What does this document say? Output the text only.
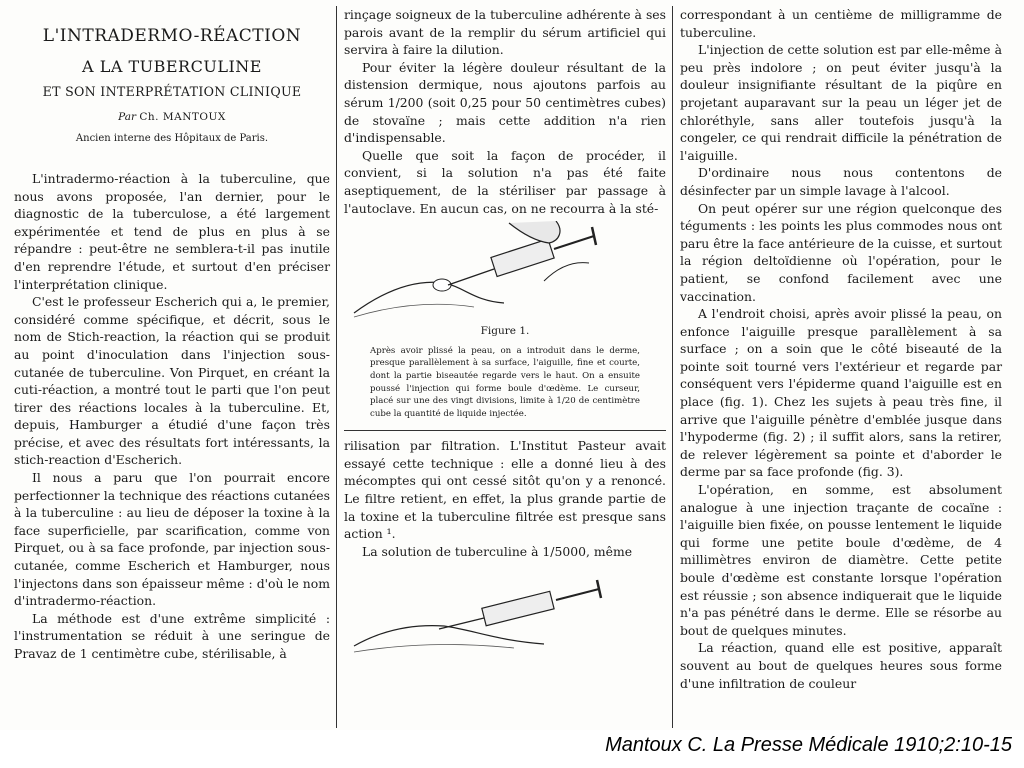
L'INTRADERMO-RÉACTION
A LA TUBERCULINE
ET SON INTERPRÉTATION CLINIQUE
Par Ch. MANTOUX
Ancien interne des Hôpitaux de Paris.

L'intradermo-réaction à la tuberculine, que nous avons proposée, l'an dernier, pour le diagnostic de la tuberculose, a été largement expérimentée et tend de plus en plus à se répandre : peut-être ne semblera-t-il pas inutile d'en reprendre l'étude, et surtout d'en préciser l'interprétation clinique.

C'est le professeur Escherich qui a, le premier, considéré comme spécifique, et décrit, sous le nom de Stich-reaction, la réaction qui se produit au point d'inoculation dans l'injection sous-cutanée de tuberculine. Von Pirquet, en créant la cuti-réaction, a montré tout le parti que l'on peut tirer des réactions locales à la tuberculine. Et, depuis, Hamburger a étudié d'une façon très précise, et avec des résultats fort intéressants, la stich-reaction d'Escherich.

Il nous a paru que l'on pourrait encore perfectionner la technique des réactions cutanées à la tuberculine : au lieu de déposer la toxine à la face superficielle, par scarification, comme von Pirquet, ou à sa face profonde, par injection sous-cutanée, comme Escherich et Hamburger, nous l'injectons dans son épaisseur même : d'où le nom d'intradermo-réaction.

La méthode est d'une extrême simplicité : l'instrumentation se réduit à une seringue de Pravaz de 1 centimètre cube, stérilisable, à

rinçage soigneux de la tuberculine adhérente à ses parois avant de la remplir du sérum artificiel qui servira à faire la dilution.

Pour éviter la légère douleur résultant de la distension dermique, nous ajoutons parfois au sérum 1/200 (soit 0,25 pour 50 centimètres cubes) de stovaïne ; mais cette addition n'a rien d'indispensable.

Quelle que soit la façon de procéder, il convient, si la solution n'a pas été faite aseptiquement, de la stériliser par passage à l'autoclave. En aucun cas, on ne recourra à la sté-

Figure 1.
Après avoir plissé la peau, on a introduit dans le derme, presque parallèlement à sa surface, l'aiguille, fine et courte, dont la partie biseautée regarde vers le haut. On a ensuite poussé l'injection qui forme boule d'œdème. Le curseur, placé sur une des vingt divisions, limite à 1/20 de centimètre cube la quantité de liquide injectée.

rilisation par filtration. L'Institut Pasteur avait essayé cette technique : elle a donné lieu à des mécomptes qui ont cessé sitôt qu'on y a renoncé. Le filtre retient, en effet, la plus grande partie de la toxine et la tuberculine filtrée est presque sans action ¹.

La solution de tuberculine à 1/5000, même

correspondant à un centième de milligramme de tuberculine.

L'injection de cette solution est par elle-même à peu près indolore ; on peut éviter jusqu'à la douleur insignifiante résultant de la piqûre en projetant auparavant sur la peau un léger jet de chloréthyle, sans aller toutefois jusqu'à la congeler, ce qui rendrait difficile la pénétration de l'aiguille.

D'ordinaire nous nous contentons de désinfecter par un simple lavage à l'alcool.

On peut opérer sur une région quelconque des téguments : les points les plus commodes nous ont paru être la face antérieure de la cuisse, et surtout la région deltoïdienne où l'opération, pour le patient, se confond facilement avec une vaccination.

A l'endroit choisi, après avoir plissé la peau, on enfonce l'aiguille presque parallèlement à sa surface ; on a soin que le côté biseauté de la pointe soit tourné vers l'extérieur et regarde par conséquent vers l'épiderme quand l'aiguille est en place (fig. 1). Chez les sujets à peau très fine, il arrive que l'aiguille pénètre d'emblée jusque dans l'hypoderme (fig. 2) ; il suffit alors, sans la retirer, de relever légèrement sa pointe et d'aborder le derme par sa face profonde (fig. 3).

L'opération, en somme, est absolument analogue à une injection traçante de cocaïne : l'aiguille bien fixée, on pousse lentement le liquide qui forme une petite boule d'œdème, de 4 millimètres environ de diamètre. Cette petite boule d'œdème est constante lorsque l'opération est réussie ; son absence indiquerait que le liquide n'a pas pénétré dans le derme. Elle se résorbe au bout de quelques minutes.

La réaction, quand elle est positive, apparaît souvent au bout de quelques heures sous forme d'une infiltration de couleur

Mantoux C. La Presse Médicale 1910;2:10-15
